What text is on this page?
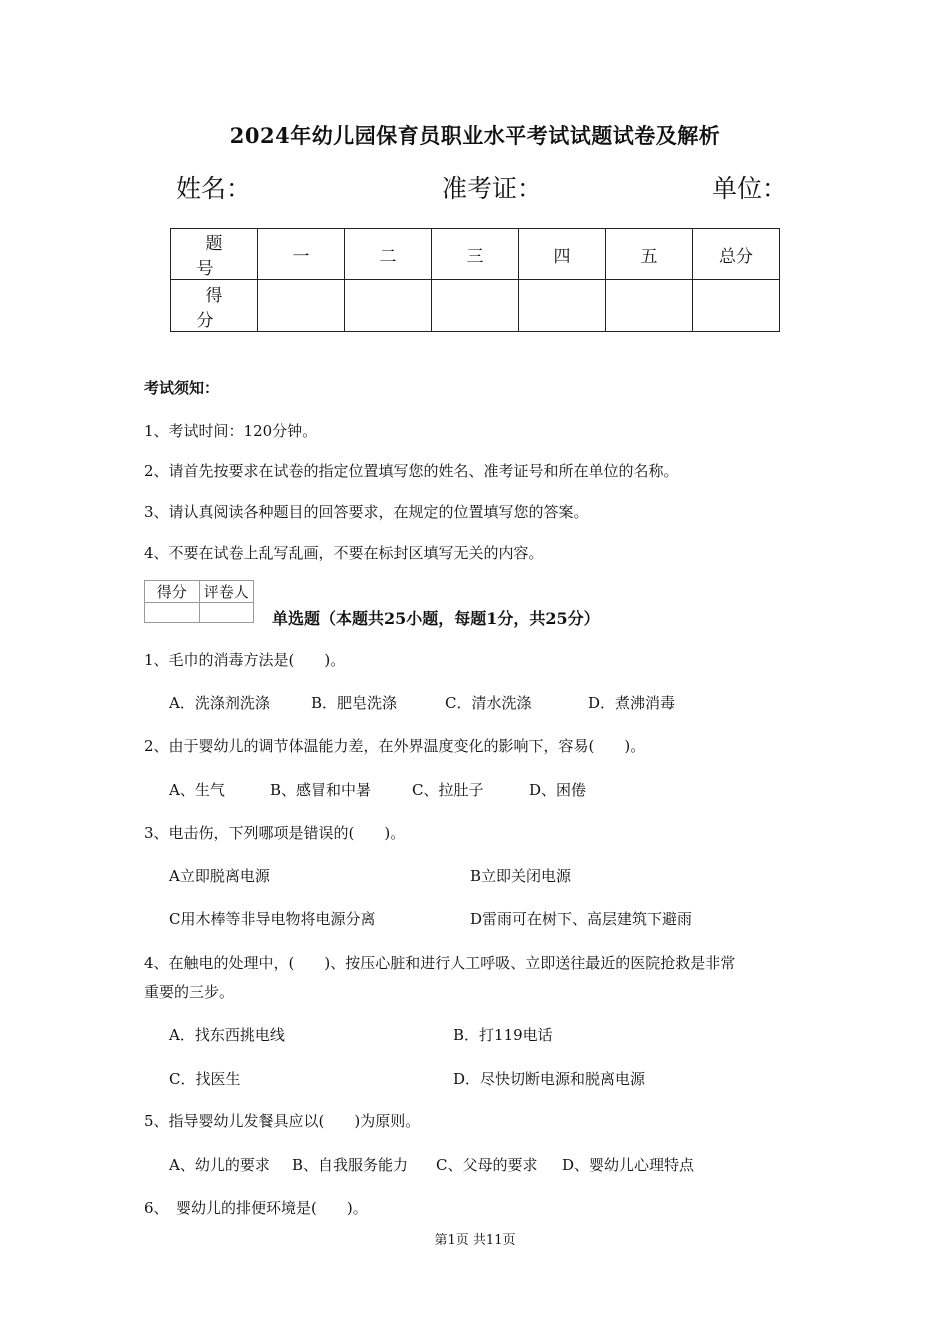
2024年幼儿园保育员职业水平考试试题试卷及解析
姓名：	准考证：	单位：
题　号	一	二	三	四	五	总分
得　分						
考试须知：
1、考试时间：120分钟。
2、请首先按要求在试卷的指定位置填写您的姓名、准考证号和所在单位的名称。
3、请认真阅读各种题目的回答要求，在规定的位置填写您的答案。
4、不要在试卷上乱写乱画，不要在标封区填写无关的内容。
得分	评卷人

单选题（本题共25小题，每题1分，共25分）
1、毛巾的消毒方法是(　　)。
A．洗涤剂洗涤	B．肥皂洗涤	C．清水洗涤	D．煮沸消毒
2、由于婴幼儿的调节体温能力差，在外界温度变化的影响下，容易(　　)。
A、生气	B、感冒和中暑	C、拉肚子	D、困倦
3、电击伤，下列哪项是错误的(　　)。
A立即脱离电源	B立即关闭电源
C用木棒等非导电物将电源分离	D雷雨可在树下、高层建筑下避雨
4、在触电的处理中，(　　)、按压心脏和进行人工呼吸、立即送往最近的医院抢救是非常
重要的三步。
A．找东西挑电线	B．打119电话
C．找医生	D．尽快切断电源和脱离电源
5、指导婴幼儿发餐具应以(　　)为原则。
A、幼儿的要求 B、自我服务能力 C、父母的要求 D、婴幼儿心理特点
6、　婴幼儿的排便环境是(　　)。
第1页 共11页
